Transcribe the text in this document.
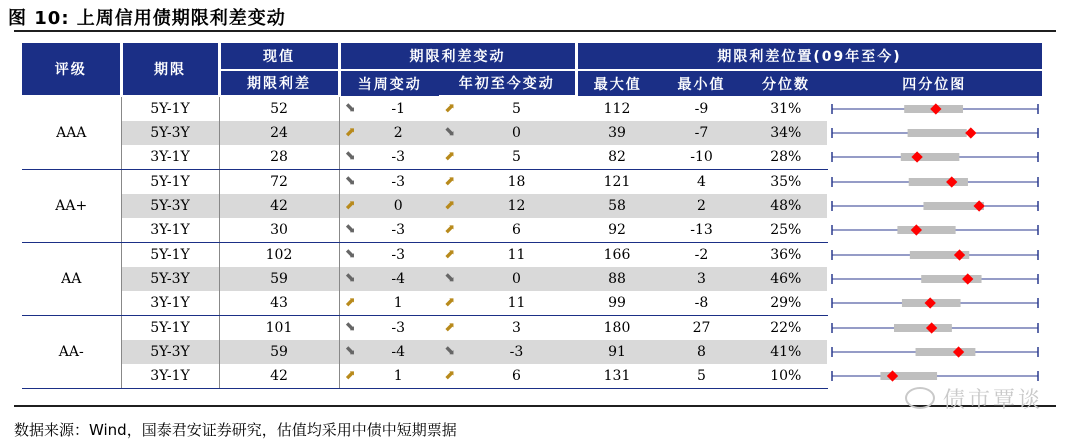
图 10: 上周信用债期限利差变动
评级	期限	现值	期限利差变动		期限利差位置(09年至今)			
		期限利差	当周变动	年初至今变动	最大值	最小值	分位数	四分位图
AAA	5Y-1Y	52	⬊ -1	⬈ 5	112	-9	31%	

	5Y-3Y	24	⬈ 2	⬊ 0	39	-7	34%	

	3Y-1Y	28	⬊ -3	⬈ 5	82	-10	28%	

AA+	5Y-1Y	72	⬊ -3	⬈ 18	121	4	35%	

	5Y-3Y	42	⬈ 0	⬈ 12	58	2	48%	

	3Y-1Y	30	⬊ -3	⬈ 6	92	-13	25%	

AA	5Y-1Y	102	⬊ -3	⬈ 11	166	-2	36%	

	5Y-3Y	59	⬊ -4	⬊ 0	88	3	46%	

	3Y-1Y	43	⬈ 1	⬈ 11	99	-8	29%	

AA-	5Y-1Y	101	⬊ -3	⬈ 3	180	27	22%	

	5Y-3Y	59	⬊ -4	⬊ -3	91	8	41%	

	3Y-1Y	42	⬈ 1	⬈ 6	131	5	10%	
数据来源：Wind，国泰君安证券研究，估值均采用中债中短期票据
债市覃谈
